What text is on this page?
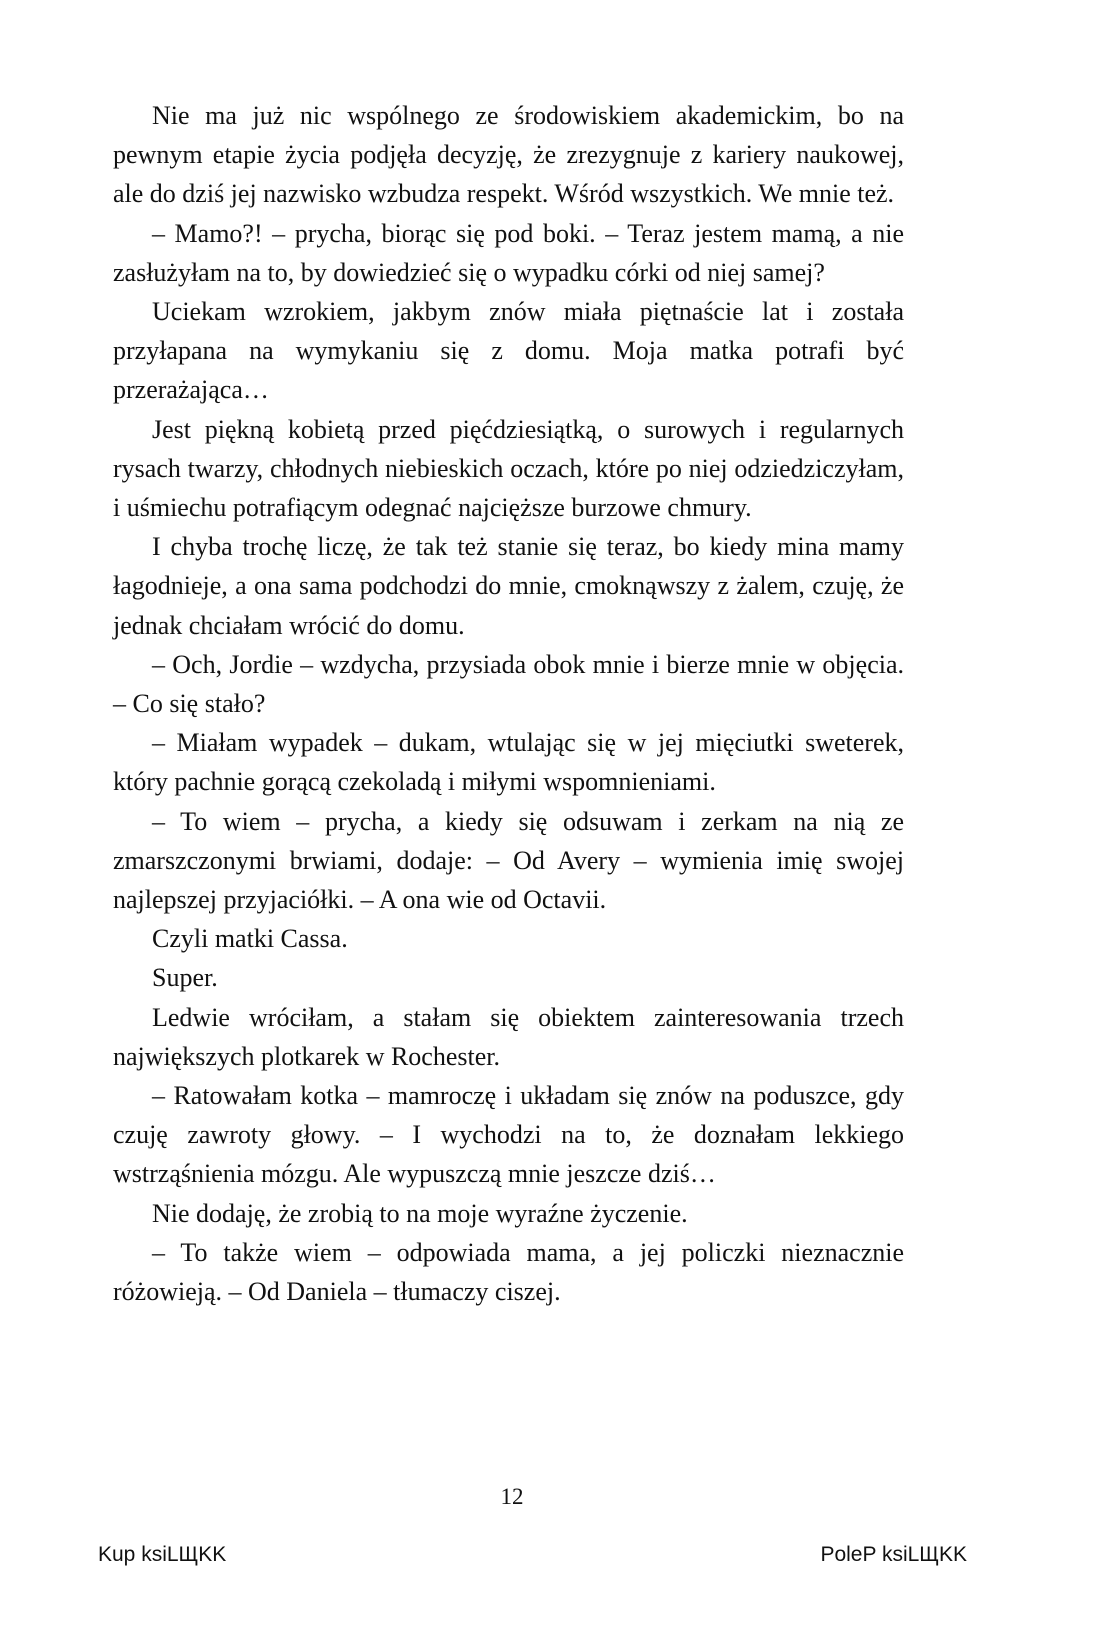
Nie ma już nic wspólnego ze środowiskiem akademickim, bo na pewnym etapie życia podjęła decyzję, że zrezygnuje z kariery naukowej, ale do dziś jej nazwisko wzbudza respekt. Wśród wszystkich. We mnie też.

– Mamo?! – prycha, biorąc się pod boki. – Teraz jestem mamą, a nie zasłużyłam na to, by dowiedzieć się o wypadku córki od niej samej?

Uciekam wzrokiem, jakbym znów miała piętnaście lat i została przyłapana na wymykaniu się z domu. Moja matka potrafi być przerażająca…

Jest piękną kobietą przed pięćdziesiątką, o surowych i regularnych rysach twarzy, chłodnych niebieskich oczach, które po niej odziedziczyłam, i uśmiechu potrafiącym odegnać najcięższe burzowe chmury.

I chyba trochę liczę, że tak też stanie się teraz, bo kiedy mina mamy łagodnieje, a ona sama podchodzi do mnie, cmoknąwszy z żalem, czuję, że jednak chciałam wrócić do domu.

– Och, Jordie – wzdycha, przysiada obok mnie i bierze mnie w objęcia. – Co się stało?

– Miałam wypadek – dukam, wtulając się w jej mięciutki sweterek, który pachnie gorącą czekoladą i miłymi wspomnieniami.

– To wiem – prycha, a kiedy się odsuwam i zerkam na nią ze zmarszczonymi brwiami, dodaje: – Od Avery – wymienia imię swojej najlepszej przyjaciółki. – A ona wie od Octavii.

Czyli matki Cassa.

Super.

Ledwie wróciłam, a stałam się obiektem zainteresowania trzech największych plotkarek w Rochester.

– Ratowałam kotka – mamroczę i układam się znów na poduszce, gdy czuję zawroty głowy. – I wychodzi na to, że doznałam lekkiego wstrząśnienia mózgu. Ale wypuszczą mnie jeszcze dziś…

Nie dodaję, że zrobią to na moje wyraźne życzenie.

– To także wiem – odpowiada mama, a jej policzki nieznacznie różowieją. – Od Daniela – tłumaczy ciszej.

12
Kup ksiLЩKK	PoleP ksiLЩKK
